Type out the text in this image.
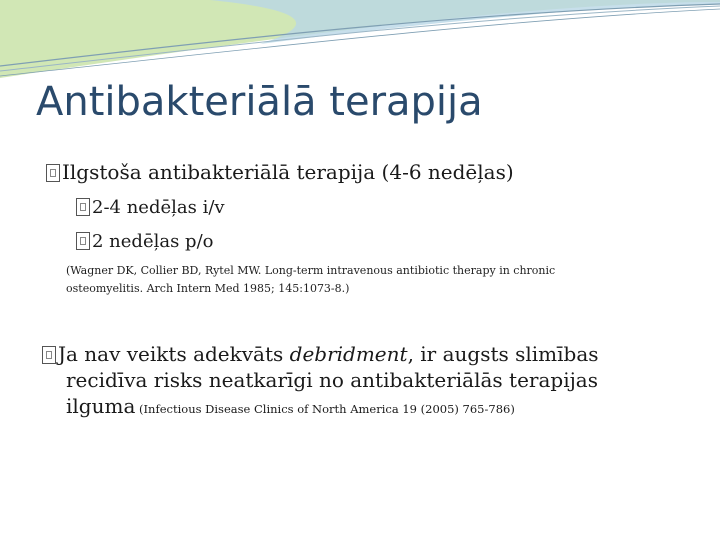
Antibakteriālā terapija
Ilgstoša antibakteriālā terapija (4-6 nedēļas)
2-4 nedēļas i/v
2 nedēļas p/o
(Wagner DK, Collier BD, Rytel MW. Long-term intravenous antibiotic therapy in chronic
osteomyelitis. Arch Intern Med 1985; 145:1073-8.)
Ja nav veikts adekvāts debridment, ir augsts slimības
recidīva risks neatkarīgi no antibakteriālās terapijas
ilguma (Infectious Disease Clinics of North America 19 (2005) 765-786)
